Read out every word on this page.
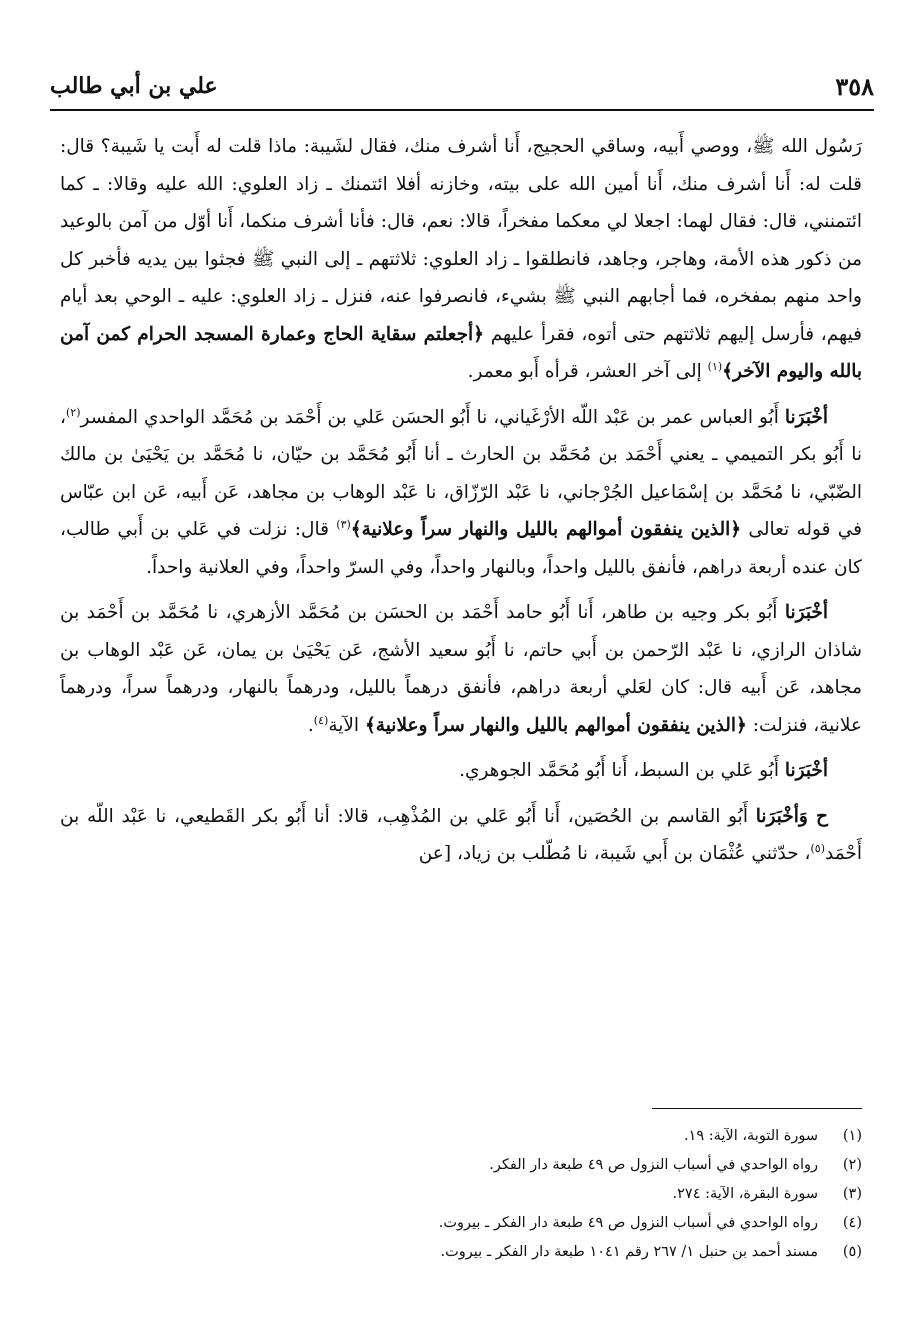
٣٥٨
علي بن أبي طالب

رَسُول الله ﷺ، ووصي أَبيه، وساقي الحجيج، أَنا أشرف منك، فقال لشَيبة: ماذا قلت له أَبت يا شَيبة؟ قال: قلت له: أَنا أشرف منك، أَنا أمين الله على بيته، وخازنه أفلا ائتمنك ـ زاد العلوي: الله عليه وقالا: ـ كما ائتمنني، قال: فقال لهما: اجعلا لي معكما مفخراً، قالا: نعم، قال: فأنا أشرف منكما، أَنا أوّل من آمن بالوعيد من ذكور هذه الأمة، وهاجر، وجاهد، فانطلقوا ـ زاد العلوي: ثلاثتهم ـ إلى النبي ﷺ فجثوا بين يديه فأخبر كل واحد منهم بمفخره، فما أجابهم النبي ﷺ بشيء، فانصرفوا عنه، فنزل ـ زاد العلوي: عليه ـ الوحي بعد أيام فيهم، فأرسل إليهم ثلاثتهم حتى أتوه، فقرأ عليهم ﴿أجعلتم سقاية الحاج وعمارة المسجد الحرام كمن آمن بالله واليوم الآخر﴾$^{(١)}$ إلى آخر العشر، قرأه أَبو معمر.

أخْبَرَنا أَبُو العباس عمر بن عَبْد اللّه الأرْغَياني، نا أَبُو الحسَن عَلي بن أَحْمَد بن مُحَمَّد الواحدي المفسر$^{(٢)}$، نا أَبُو بكر التميمي ـ يعني أَحْمَد بن مُحَمَّد بن الحارث ـ أنا أَبُو مُحَمَّد بن حيّان، نا مُحَمَّد بن يَحْيَىٰ بن مالك الضّبّي، نا مُحَمَّد بن إسْمَاعيل الجُرْجاني، نا عَبْد الرّزّاق، نا عَبْد الوهاب بن مجاهد، عَن أَبيه، عَن ابن عبّاس في قوله تعالى ﴿الذين ينفقون أموالهم بالليل والنهار سراً وعلانية﴾$^{(٣)}$ قال: نزلت في عَلي بن أَبي طالب، كان عنده أربعة دراهم، فأنفق بالليل واحداً، وبالنهار واحداً، وفي السرّ واحداً، وفي العلانية واحداً.

أخْبَرَنا أَبُو بكر وجيه بن طاهر، أَنا أَبُو حامد أَحْمَد بن الحسَن بن مُحَمَّد الأزهري، نا مُحَمَّد بن أَحْمَد بن شاذان الرازي، نا عَبْد الرّحمن بن أَبي حاتم، نا أَبُو سعيد الأشج، عَن يَحْيَىٰ بن يمان، عَن عَبْد الوهاب بن مجاهد، عَن أَبيه قال: كان لعَلي أربعة دراهم، فأنفق درهماً بالليل، ودرهماً بالنهار، ودرهماً سراً، ودرهماً علانية، فنزلت: ﴿الذين ينفقون أموالهم بالليل والنهار سراً وعلانية﴾ الآية$^{(٤)}$.

أخْبَرَنا أَبُو عَلي بن السبط، أَنا أَبُو مُحَمَّد الجوهري.

ح وَأخْبَرَنا أَبُو القاسم بن الحُصَين، أَنا أَبُو عَلي بن المُذْهِب، قالا: أنا أَبُو بكر القَطيعي، نا عَبْد اللّه بن أَحْمَد$^{(٥)}$، حدّثني عُثْمَان بن أَبي شَيبة، نا مُطّلب بن زياد، [عن

(١)
سورة التوبة، الآية: ١٩.
(٢)
رواه الواحدي في أسباب النزول ص ٤٩ طبعة دار الفكر.
(٣)
سورة البقرة، الآية: ٢٧٤.
(٤)
رواه الواحدي في أسباب النزول ص ٤٩ طبعة دار الفكر ـ بيروت.
(٥)
مسند أحمد بن حنبل ١/ ٢٦٧ رقم ١٠٤١ طبعة دار الفكر ـ بيروت.
